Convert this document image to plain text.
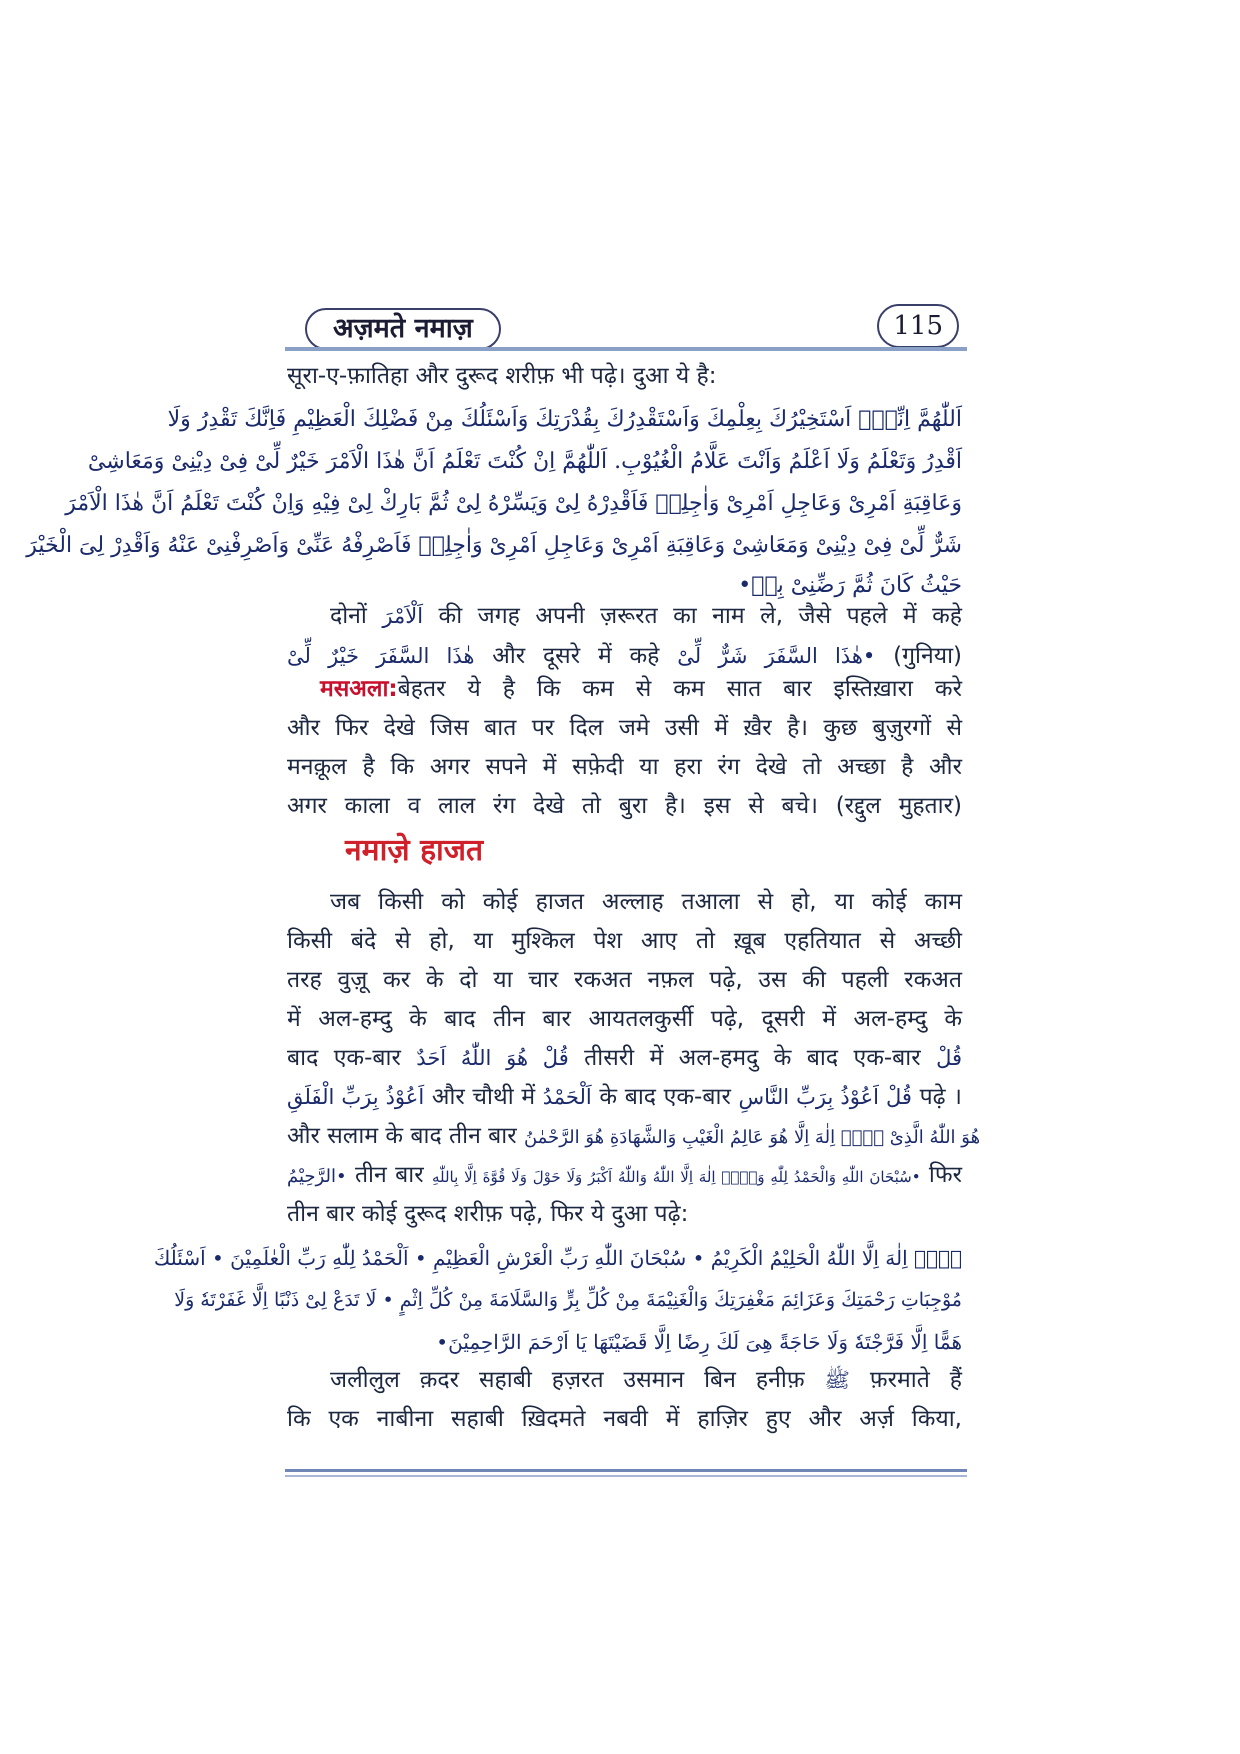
अज़मते नमाज़	115
सूरा-ए-फ़ातिहा और दुरूद शरीफ़ भी पढ़े। दुआ ये है:
اَللّٰهُمَّ اِنِّیْۤ اَسْتَخِیْرُكَ بِعِلْمِكَ وَاَسْتَقْدِرُكَ بِقُدْرَتِكَ وَاَسْئَلُكَ مِنْ فَضْلِكَ الْعَظِیْمِ فَاِنَّكَ تَقْدِرُ وَلَا
اَقْدِرُ وَتَعْلَمُ وَلَا اَعْلَمُ وَاَنْتَ عَلَّامُ الْغُیُوْبِ. اَللّٰهُمَّ اِنْ كُنْتَ تَعْلَمُ اَنَّ هٰذَا الْاَمْرَ خَیْرٌ لِّیْ فِیْ دِیْنِیْ وَمَعَاشِیْ
وَعَاقِبَةِ اَمْرِیْ وَعَاجِلِ اَمْرِیْ وَاٰجِلِهٖ فَاَقْدِرْهُ لِیْ وَیَسِّرْهُ لِیْ ثُمَّ بَارِكْ لِیْ فِیْهِ وَاِنْ كُنْتَ تَعْلَمُ اَنَّ هٰذَا الْاَمْرَ
شَرٌّ لِّیْ فِیْ دِیْنِیْ وَمَعَاشِیْ وَعَاقِبَةِ اَمْرِیْ وَعَاجِلِ اَمْرِیْ وَاٰجِلِهٖ فَاَصْرِفْهُ عَنِّیْ وَاَصْرِفْنِیْ عَنْهُ وَاَقْدِرْ لِیَ الْخَیْرَ
حَیْثُ كَانَ ثُمَّ رَضِّنِیْ بِهٖ•
दोनों اَلْاَمْرَ की जगह अपनी ज़रूरत का नाम ले, जैसे पहले में कहे
هٰذَا السَّفَرَ خَیْرٌ لِّیْ और दूसरे में कहे هٰذَا السَّفَرَ شَرٌّ لِّیْ• (गुनिया)
मसअला:बेहतर ये है कि कम से कम सात बार इस्तिख़ारा करे
और फिर देखे जिस बात पर दिल जमे उसी में ख़ैर है। कुछ बुज़ुरगों से
मनक़ूल है कि अगर सपने में सफ़ेदी या हरा रंग देखे तो अच्छा है और
अगर काला व लाल रंग देखे तो बुरा है। इस से बचे। (रद्दुल मुहतार)
नमाज़े हाजत
जब किसी को कोई हाजत अल्लाह तआला से हो, या कोई काम
किसी बंदे से हो, या मुश्किल पेश आए तो ख़ूब एहतियात से अच्छी
तरह वुज़ू कर के दो या चार रकअत नफ़ल पढ़े, उस की पहली रकअत
में अल-हम्दु के बाद तीन बार आयतलकुर्सी पढ़े, दूसरी में अल-हम्दु के
बाद एक-बार قُلْ هُوَ اللّٰهُ اَحَدٌ तीसरी में अल-हमदु के बाद एक-बार قُلْ
اَعُوْذُ بِرَبِّ الْفَلَقِ और चौथी में اَلْحَمْدُ के बाद एक-बार قُلْ اَعُوْذُ بِرَبِّ النَّاسِ पढ़े ।
और सलाम के बाद तीन बार هُوَ اللّٰهُ الَّذِیْ لَاۤ اِلٰهَ اِلَّا هُوَ عَالِمُ الْغَیْبِ وَالشَّهَادَةِ هُوَ الرَّحْمٰنُ
الرَّحِیْمُ• तीन बार سُبْحَانَ اللّٰهِ وَالْحَمْدُ لِلّٰهِ وَلَاۤ اِلٰهَ اِلَّا اللّٰهُ وَاللّٰهُ اَكْبَرُ وَلَا حَوْلَ وَلَا قُوَّةَ اِلَّا بِاللّٰهِ• फिर
तीन बार कोई दुरूद शरीफ़ पढ़े, फिर ये दुआ पढ़े:
لَاۤ اِلٰهَ اِلَّا اللّٰهُ الْحَلِیْمُ الْكَرِیْمُ • سُبْحَانَ اللّٰهِ رَبِّ الْعَرْشِ الْعَظِیْمِ • اَلْحَمْدُ لِلّٰهِ رَبِّ الْعٰلَمِیْنَ • اَسْئَلُكَ
مُوْجِبَاتِ رَحْمَتِكَ وَعَزَائِمَ مَغْفِرَتِكَ وَالْغَنِیْمَةَ مِنْ كُلِّ بِرٍّ وَالسَّلَامَةَ مِنْ كُلِّ اِثْمٍ • لَا تَدَعْ لِیْ ذَنْبًا اِلَّا غَفَرْتَهٗ وَلَا
هَمًّا اِلَّا فَرَّجْتَهٗ وَلَا حَاجَةً هِیَ لَكَ رِضًا اِلَّا قَضَیْتَهَا یَا اَرْحَمَ الرَّاحِمِیْنَ•
जलीलुल क़दर सहाबी हज़रत उसमान बिन हनीफ़ ﷺ फ़रमाते हैं
कि एक नाबीना सहाबी ख़िदमते नबवी में हाज़िर हुए और अर्ज़ किया,
